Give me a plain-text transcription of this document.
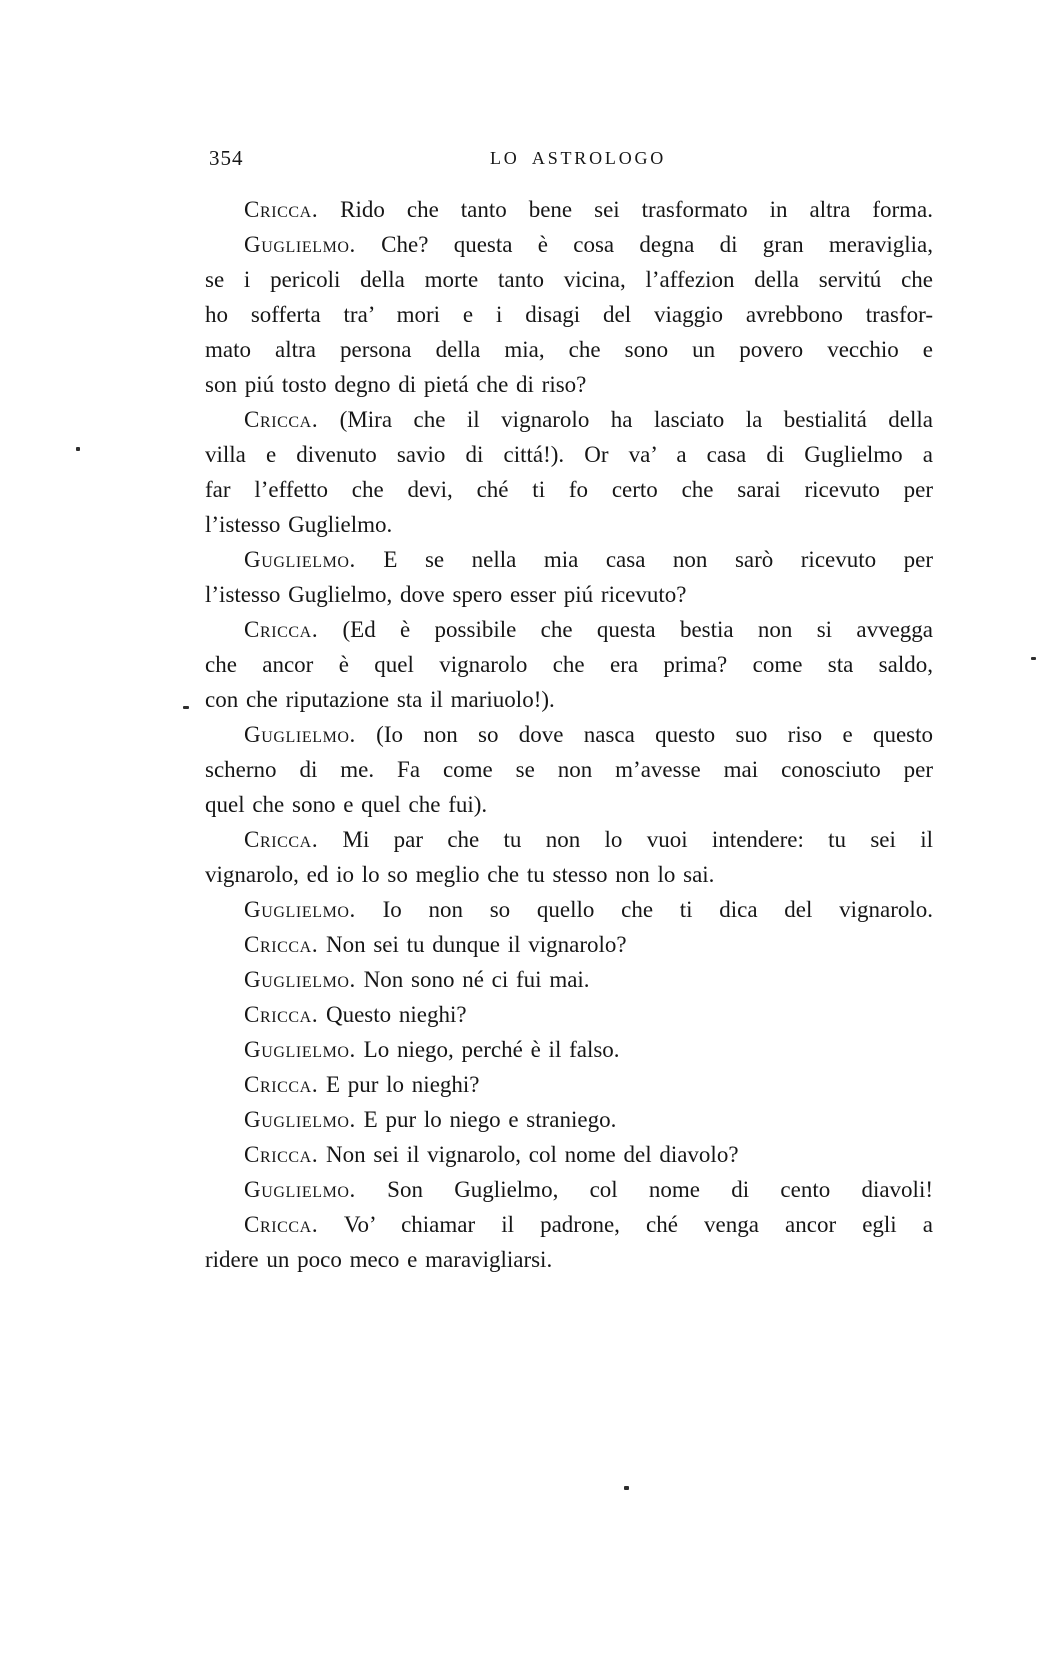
354	LO ASTROLOGO
Cricca. Rido che tanto bene sei trasformato in altra forma.
Guglielmo. Che? questa è cosa degna di gran meraviglia,
se i pericoli della morte tanto vicina, l’affezion della servitú che
ho sofferta tra’ mori e i disagi del viaggio avrebbono trasfor-
mato altra persona della mia, che sono un povero vecchio e
son piú tosto degno di pietá che di riso?
Cricca. (Mira che il vignarolo ha lasciato la bestialitá della
villa e divenuto savio di cittá!). Or va’ a casa di Guglielmo a
far l’effetto che devi, ché ti fo certo che sarai ricevuto per
l’istesso Guglielmo.
Guglielmo. E se nella mia casa non sarò ricevuto per
l’istesso Guglielmo, dove spero esser piú ricevuto?
Cricca. (Ed è possibile che questa bestia non si avvegga
che ancor è quel vignarolo che era prima? come sta saldo,
con che riputazione sta il mariuolo!).
Guglielmo. (Io non so dove nasca questo suo riso e questo
scherno di me. Fa come se non m’avesse mai conosciuto per
quel che sono e quel che fui).
Cricca. Mi par che tu non lo vuoi intendere: tu sei il
vignarolo, ed io lo so meglio che tu stesso non lo sai.
Guglielmo. Io non so quello che ti dica del vignarolo.
Cricca. Non sei tu dunque il vignarolo?
Guglielmo. Non sono né ci fui mai.
Cricca. Questo nieghi?
Guglielmo. Lo niego, perché è il falso.
Cricca. E pur lo nieghi?
Guglielmo. E pur lo niego e straniego.
Cricca. Non sei il vignarolo, col nome del diavolo?
Guglielmo. Son Guglielmo, col nome di cento diavoli!
Cricca. Vo’ chiamar il padrone, ché venga ancor egli a
ridere un poco meco e maravigliarsi.
